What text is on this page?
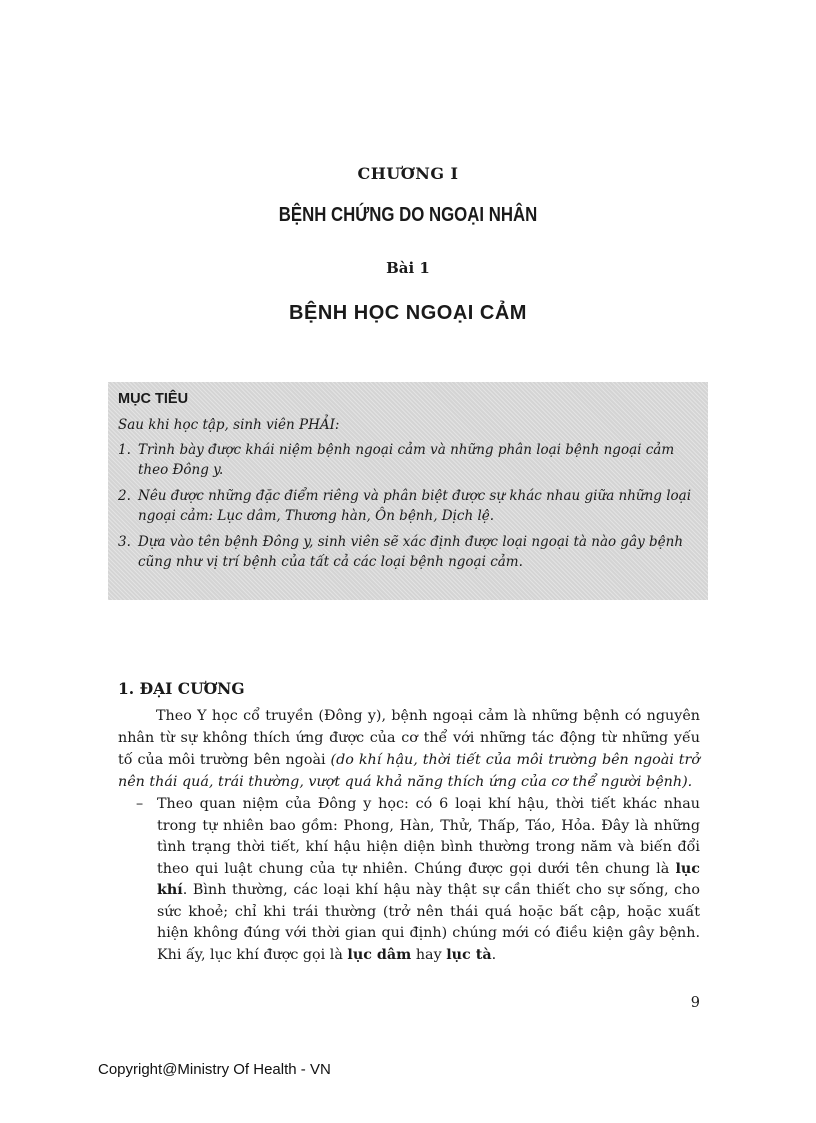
CHƯƠNG I
BỆNH CHỨNG DO NGOẠI NHÂN
Bài 1
BỆNH HỌC NGOẠI CẢM
MỤC TIÊU
Sau khi học tập, sinh viên PHẢI:
1. Trình bày được khái niệm bệnh ngoại cảm và những phân loại bệnh ngoại cảm theo Đông y.
2. Nêu được những đặc điểm riêng và phân biệt được sự khác nhau giữa những loại ngoại cảm: Lục dâm, Thương hàn, Ôn bệnh, Dịch lệ.
3. Dựa vào tên bệnh Đông y, sinh viên sẽ xác định được loại ngoại tà nào gây bệnh cũng như vị trí bệnh của tất cả các loại bệnh ngoại cảm.
1. ĐẠI CƯƠNG
Theo Y học cổ truyền (Đông y), bệnh ngoại cảm là những bệnh có nguyên nhân từ sự không thích ứng được của cơ thể với những tác động từ những yếu tố của môi trường bên ngoài (do khí hậu, thời tiết của môi trường bên ngoài trở nên thái quá, trái thường, vượt quá khả năng thích ứng của cơ thể người bệnh).
– Theo quan niệm của Đông y học: có 6 loại khí hậu, thời tiết khác nhau trong tự nhiên bao gồm: Phong, Hàn, Thử, Thấp, Táo, Hỏa. Đây là những tình trạng thời tiết, khí hậu hiện diện bình thường trong năm và biến đổi theo qui luật chung của tự nhiên. Chúng được gọi dưới tên chung là lục khí. Bình thường, các loại khí hậu này thật sự cần thiết cho sự sống, cho sức khoẻ; chỉ khi trái thường (trở nên thái quá hoặc bất cập, hoặc xuất hiện không đúng với thời gian qui định) chúng mới có điều kiện gây bệnh. Khi ấy, lục khí được gọi là lục dâm hay lục tà.
9
Copyright@Ministry Of Health - VN
